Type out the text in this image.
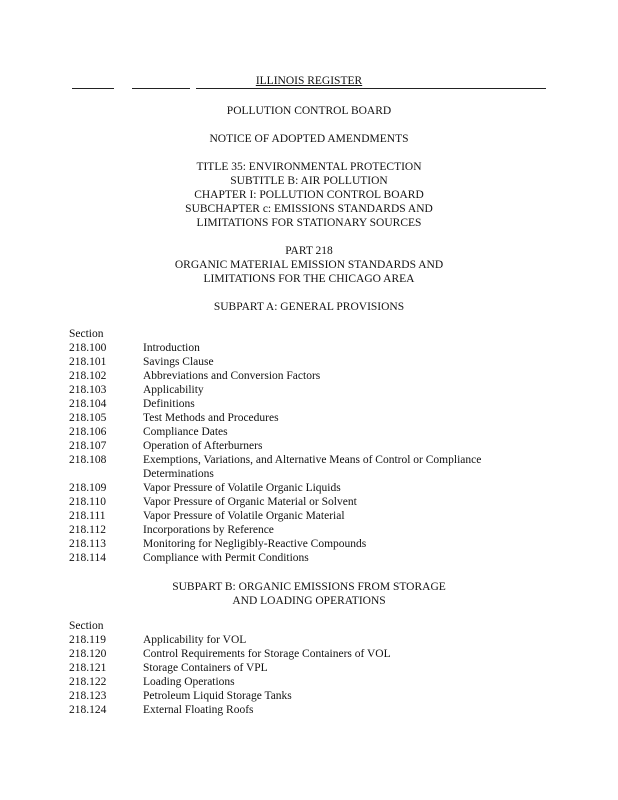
ILLINOIS REGISTER
POLLUTION CONTROL BOARD
NOTICE OF ADOPTED AMENDMENTS
TITLE 35: ENVIRONMENTAL PROTECTION
SUBTITLE B: AIR POLLUTION
CHAPTER I: POLLUTION CONTROL BOARD
SUBCHAPTER c: EMISSIONS STANDARDS AND
LIMITATIONS FOR STATIONARY SOURCES
PART 218
ORGANIC MATERIAL EMISSION STANDARDS AND
LIMITATIONS FOR THE CHICAGO AREA
SUBPART A: GENERAL PROVISIONS
Section
218.100	Introduction
218.101	Savings Clause
218.102	Abbreviations and Conversion Factors
218.103	Applicability
218.104	Definitions
218.105	Test Methods and Procedures
218.106	Compliance Dates
218.107	Operation of Afterburners
218.108	Exemptions, Variations, and Alternative Means of Control or Compliance
Determinations
218.109	Vapor Pressure of Volatile Organic Liquids
218.110	Vapor Pressure of Organic Material or Solvent
218.111	Vapor Pressure of Volatile Organic Material
218.112	Incorporations by Reference
218.113	Monitoring for Negligibly-Reactive Compounds
218.114	Compliance with Permit Conditions
SUBPART B: ORGANIC EMISSIONS FROM STORAGE
AND LOADING OPERATIONS
Section
218.119	Applicability for VOL
218.120	Control Requirements for Storage Containers of VOL
218.121	Storage Containers of VPL
218.122	Loading Operations
218.123	Petroleum Liquid Storage Tanks
218.124	External Floating Roofs
